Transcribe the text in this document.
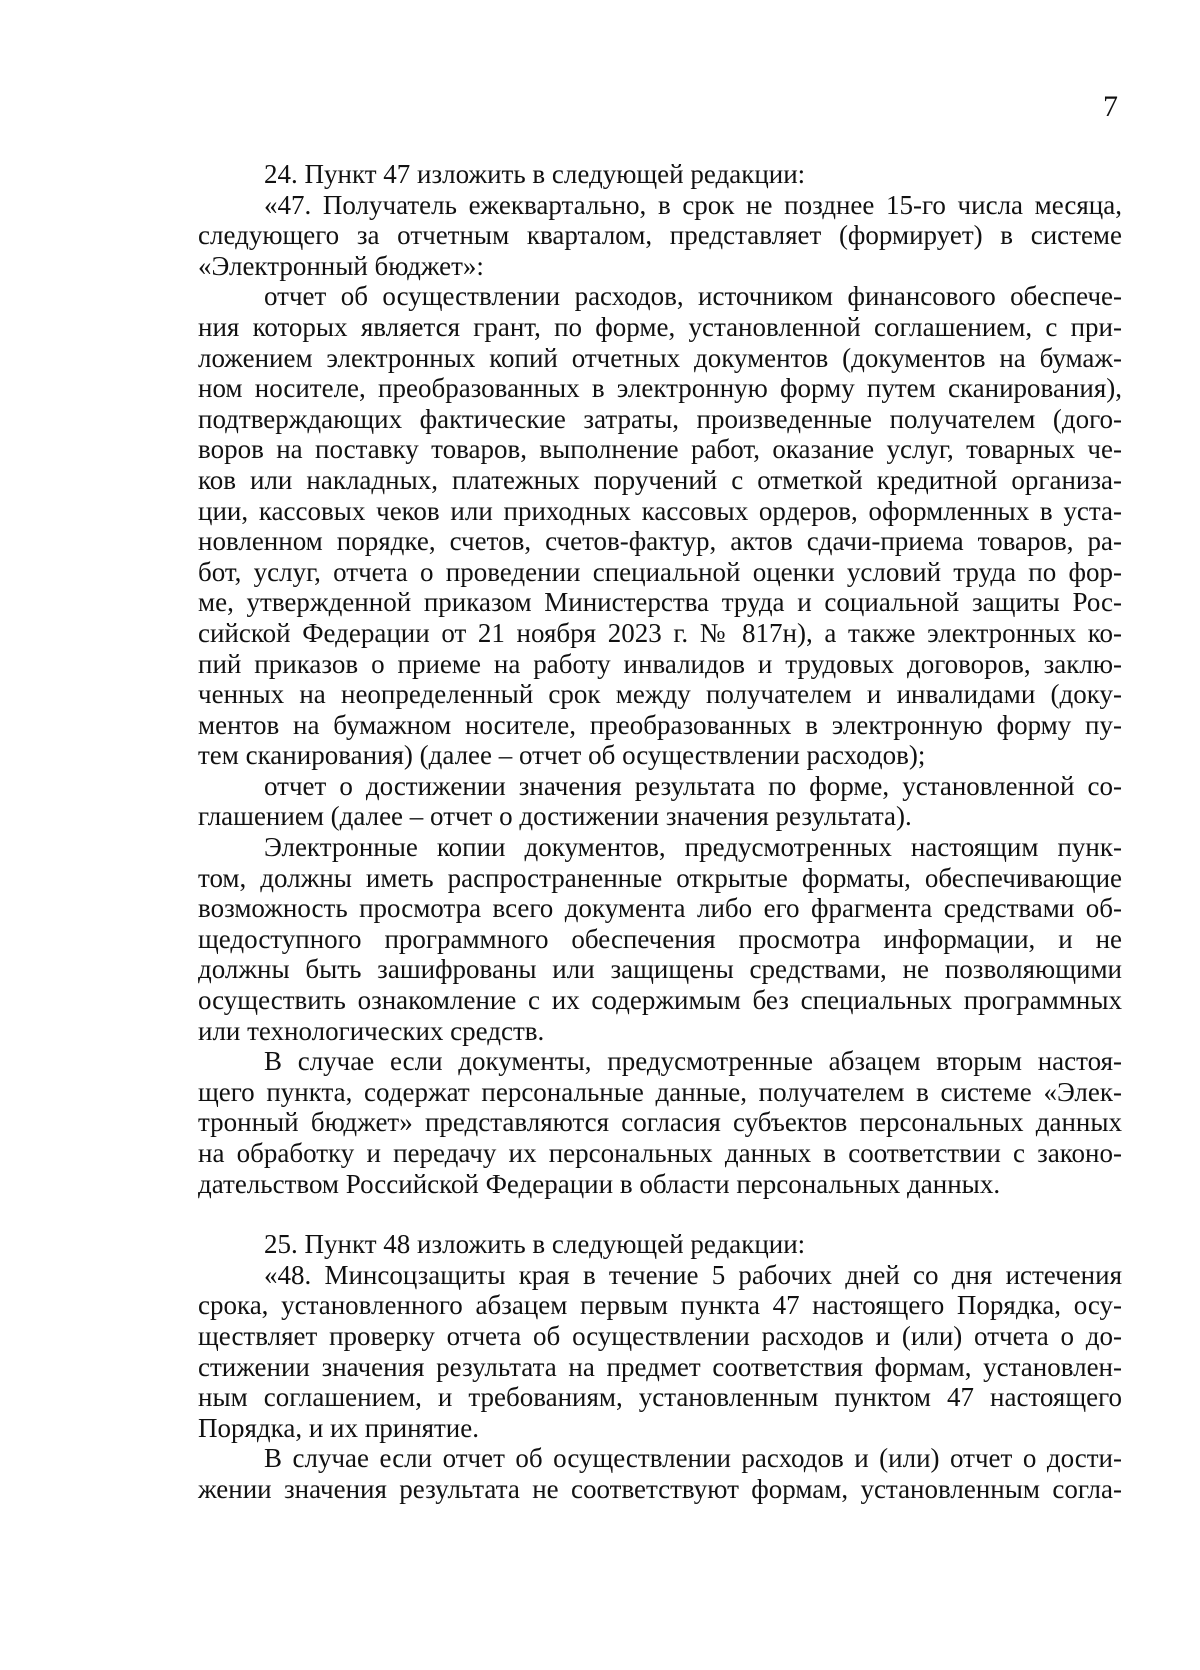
7
24. Пункт 47 изложить в следующей редакции:
«47. Получатель ежеквартально, в срок не позднее 15-го числа месяца,
следующего за отчетным кварталом, представляет (формирует) в системе
«Электронный бюджет»:
отчет об осуществлении расходов, источником финансового обеспече-
ния которых является грант, по форме, установленной соглашением, с при-
ложением электронных копий отчетных документов (документов на бумаж-
ном носителе, преобразованных в электронную форму путем сканирования),
подтверждающих фактические затраты, произведенные получателем (дого-
воров на поставку товаров, выполнение работ, оказание услуг, товарных че-
ков или накладных, платежных поручений с отметкой кредитной организа-
ции, кассовых чеков или приходных кассовых ордеров, оформленных в уста-
новленном порядке, счетов, счетов-фактур, актов сдачи-приема товаров, ра-
бот, услуг, отчета о проведении специальной оценки условий труда по фор-
ме, утвержденной приказом Министерства труда и социальной защиты Рос-
сийской Федерации от 21 ноября 2023 г. № 817н), а также электронных ко-
пий приказов о приеме на работу инвалидов и трудовых договоров, заклю-
ченных на неопределенный срок между получателем и инвалидами (доку-
ментов на бумажном носителе, преобразованных в электронную форму пу-
тем сканирования) (далее – отчет об осуществлении расходов);
отчет о достижении значения результата по форме, установленной со-
глашением (далее – отчет о достижении значения результата).
Электронные копии документов, предусмотренных настоящим пунк-
том, должны иметь распространенные открытые форматы, обеспечивающие
возможность просмотра всего документа либо его фрагмента средствами об-
щедоступного программного обеспечения просмотра информации, и не
должны быть зашифрованы или защищены средствами, не позволяющими
осуществить ознакомление с их содержимым без специальных программных
или технологических средств.
В случае если документы, предусмотренные абзацем вторым настоя-
щего пункта, содержат персональные данные, получателем в системе «Элек-
тронный бюджет» представляются согласия субъектов персональных данных
на обработку и передачу их персональных данных в соответствии с законо-
дательством Российской Федерации в области персональных данных.
25. Пункт 48 изложить в следующей редакции:
«48. Минсоцзащиты края в течение 5 рабочих дней со дня истечения
срока, установленного абзацем первым пункта 47 настоящего Порядка, осу-
ществляет проверку отчета об осуществлении расходов и (или) отчета о до-
стижении значения результата на предмет соответствия формам, установлен-
ным соглашением, и требованиям, установленным пунктом 47 настоящего
Порядка, и их принятие.
В случае если отчет об осуществлении расходов и (или) отчет о дости-
жении значения результата не соответствуют формам, установленным согла-
